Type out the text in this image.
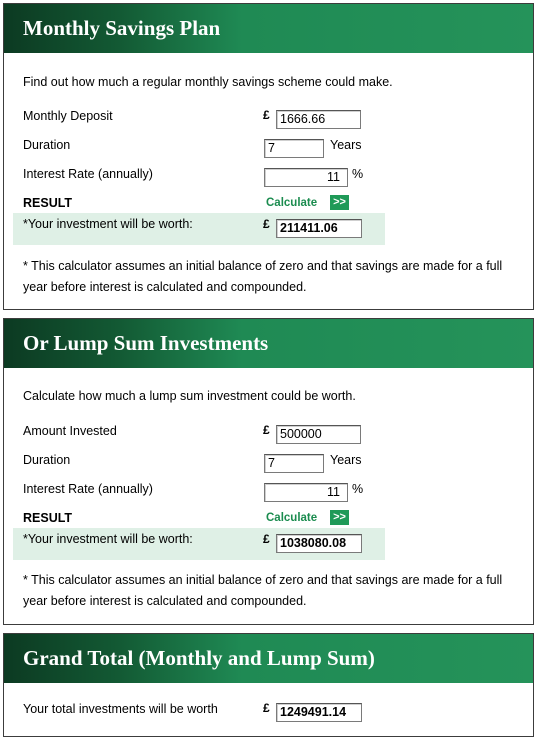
Monthly Savings Plan
Find out how much a regular monthly savings scheme could make.
Monthly Deposit	£ 1666.66
Duration	7	Years
Interest Rate (annually)	11 %
RESULT	Calculate >>
*Your investment will be worth:	£ 211411.06
* This calculator assumes an initial balance of zero and that savings are made for a full year before interest is calculated and compounded.
Or Lump Sum Investments
Calculate how much a lump sum investment could be worth.
Amount Invested	£ 500000
Duration	7	Years
Interest Rate (annually)	11 %
RESULT	Calculate >>
*Your investment will be worth:	£ 1038080.08
* This calculator assumes an initial balance of zero and that savings are made for a full year before interest is calculated and compounded.
Grand Total (Monthly and Lump Sum)
Your total investments will be worth	£ 1249491.14
